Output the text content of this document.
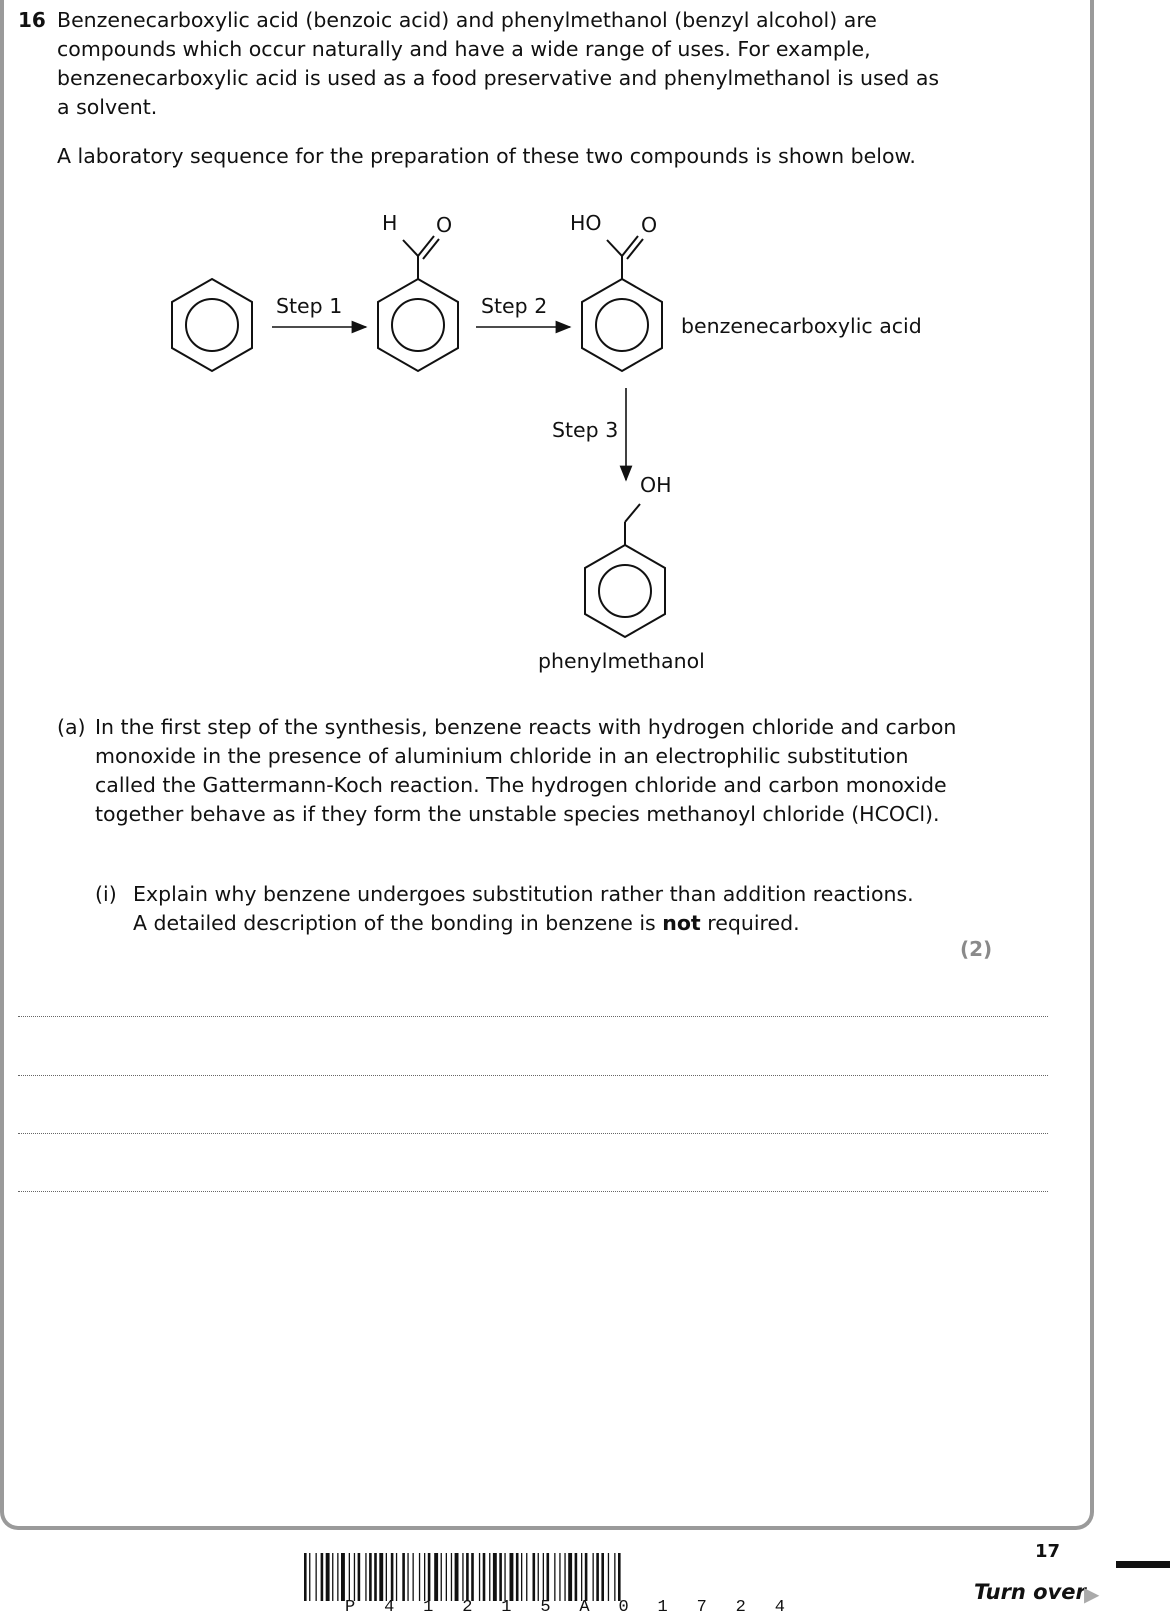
16 Benzenecarboxylic acid (benzoic acid) and phenylmethanol (benzyl alcohol) are compounds which occur naturally and have a wide range of uses. For example, benzenecarboxylic acid is used as a food preservative and phenylmethanol is used as a solvent.

A laboratory sequence for the preparation of these two compounds is shown below.

Step 1	Step 2
Step 3
H O	HO O
OH
benzenecarboxylic acid
phenylmethanol
(a) In the first step of the synthesis, benzene reacts with hydrogen chloride and carbon monoxide in the presence of aluminium chloride in an electrophilic substitution called the Gattermann-Koch reaction. The hydrogen chloride and carbon monoxide together behave as if they form the unstable species methanoyl chloride (HCOCl).

(i) Explain why benzene undergoes substitution rather than addition reactions.
A detailed description of the bonding in benzene is not required.
(2)
P 4 1 2 1 5 A 0 1 7 2 4
17
Turn over
▶
